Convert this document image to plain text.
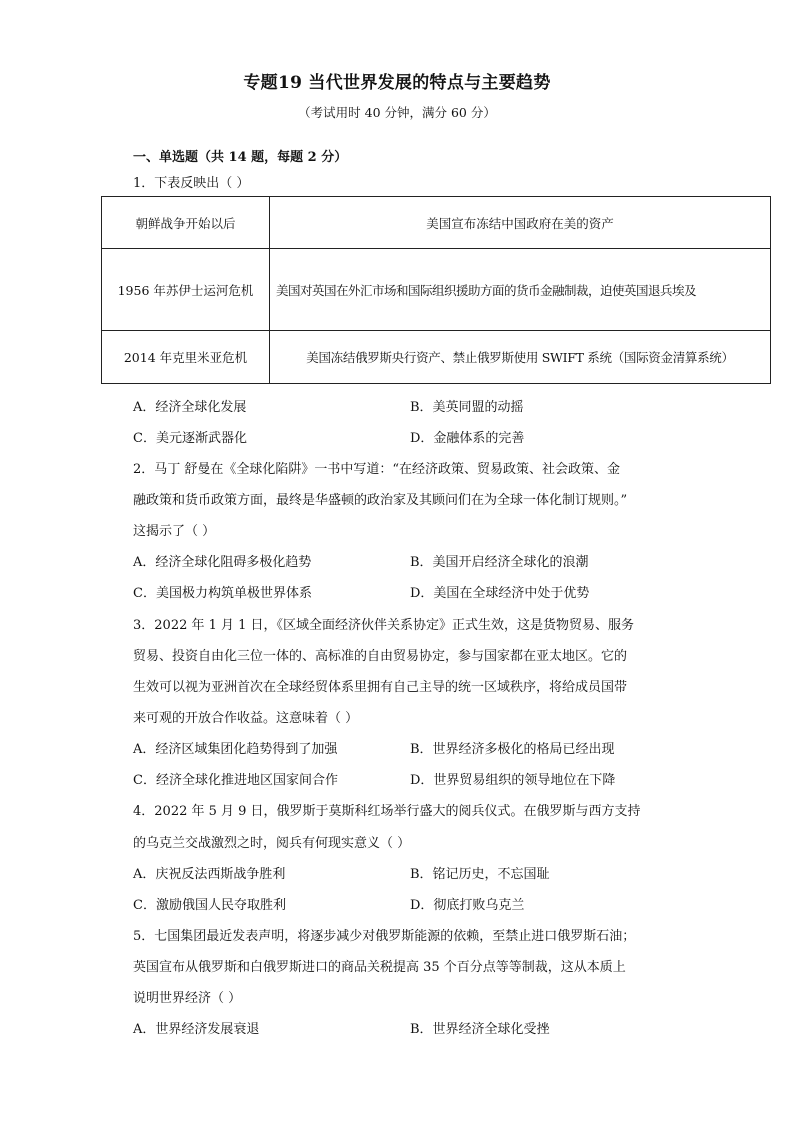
专题19 当代世界发展的特点与主要趋势
（考试用时 40 分钟，满分 60 分）
一、单选题（共 14 题，每题 2 分）
1．下表反映出（ ）
朝鲜战争开始以后	美国宣布冻结中国政府在美的资产
1956 年苏伊士运河危机	美国对英国在外汇市场和国际组织援助方面的货币金融制裁，迫使英国退兵埃及
2014 年克里米亚危机	美国冻结俄罗斯央行资产、禁止俄罗斯使用 SWIFT 系统（国际资金清算系统）
A．经济全球化发展	B．美英同盟的动摇
C．美元逐渐武器化	D．金融体系的完善
2．马丁 舒曼在《全球化陷阱》一书中写道：“在经济政策、贸易政策、社会政策、金
融政策和货币政策方面，最终是华盛顿的政治家及其顾问们在为全球一体化制订规则。”
这揭示了（ ）
A．经济全球化阻碍多极化趋势	B．美国开启经济全球化的浪潮
C．美国极力构筑单极世界体系	D．美国在全球经济中处于优势
3．2022 年 1 月 1 日，《区域全面经济伙伴关系协定》正式生效，这是货物贸易、服务
贸易、投资自由化三位一体的、高标准的自由贸易协定，参与国家都在亚太地区。它的
生效可以视为亚洲首次在全球经贸体系里拥有自己主导的统一区域秩序，将给成员国带
来可观的开放合作收益。这意味着（ ）
A．经济区域集团化趋势得到了加强	B．世界经济多极化的格局已经出现
C．经济全球化推进地区国家间合作	D．世界贸易组织的领导地位在下降
4．2022 年 5 月 9 日，俄罗斯于莫斯科红场举行盛大的阅兵仪式。在俄罗斯与西方支持
的乌克兰交战激烈之时，阅兵有何现实意义（ ）
A．庆祝反法西斯战争胜利	B．铭记历史，不忘国耻
C．激励俄国人民夺取胜利	D．彻底打败乌克兰
5．七国集团最近发表声明，将逐步减少对俄罗斯能源的依赖，至禁止进口俄罗斯石油；
英国宣布从俄罗斯和白俄罗斯进口的商品关税提高 35 个百分点等等制裁，这从本质上
说明世界经济（ ）
A．世界经济发展衰退	B．世界经济全球化受挫
